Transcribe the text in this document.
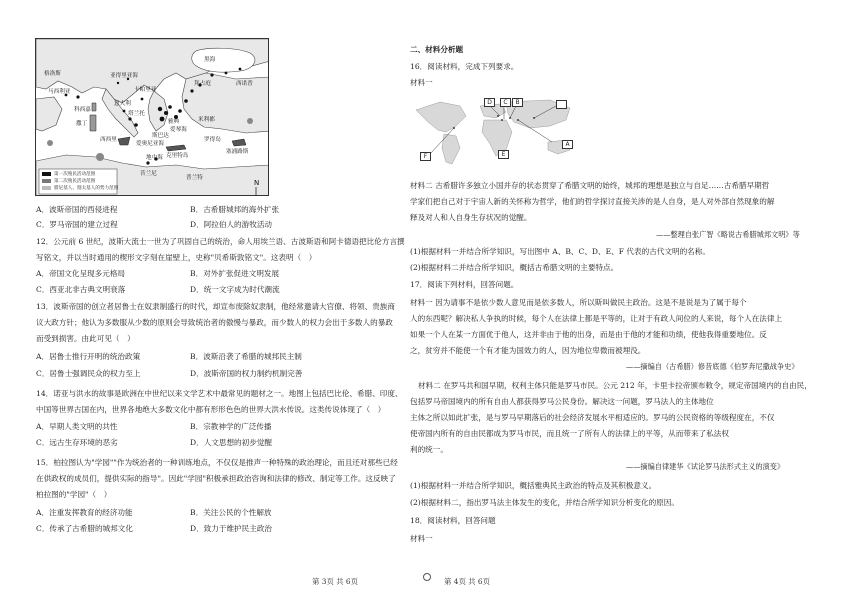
N
黑海
亚得里亚海
爱琴海
爱奥尼亚海
地中海
西西里
撒丁
科西嘉
马西利亚
意大利
塔兰托
卡帕里亚
拜占庭
雅典
斯巴达
克里特岛
塞浦路斯
罗得岛
米利都
昔兰尼
普兰特
格洛斯
西诺普
第一次殖民活动范围
第二次殖民活动范围
腓尼基人、迦太基人的势力范围
A．波斯帝国的西侵进程	B．古希腊城邦的海外扩张
C．罗马帝国的建立过程	D．阿拉伯人的游牧活动
12．公元前 6 世纪，波斯大流士一世为了巩固自己的统治，命人用埃兰语、古波斯语和阿卡德语把比伦方言撰
写铭文，并以当时通用的楔形文字刻在崖壁上，史称"贝希斯敦铭文"。这表明（　）
A．帝国文化呈现多元格局	B．对外扩张促进文明发展
C．西亚北非古典文明衰落	D．统一文字成为时代潮流
13．波斯帝国的创立者居鲁士在奴隶制盛行的时代，却宣布废除奴隶制，他经常邀请大官僚、将领、贵族商
议大政方针；他认为多数服从少数的原则会导致统治者的傲慢与暴政，而少数人的权力会出于多数人的暴政
而受到损害。由此可见（　）
A．居鲁士推行开明的统治政策	B．波斯沿袭了希腊的城邦民主制
C．居鲁士强调民众的权力至上	D．波斯帝国的权力制约机制完善
14．诺亚与洪水的故事是欧洲在中世纪以来文学艺术中最常见的题材之一。地图上包括巴比伦、希腊、印度、
中国等世界古国在内，世界各地绝大多数文化中都有形形色色的世界大洪水传说。这类传说体现了（　）
A．早期人类文明的共性	B．宗教神学的广泛传播
C．远古生存环境的恶劣	D．人文思想的初步觉醒
15．柏拉图认为"学园""作为统治者的一种训练地点，不仅仅是推声一种特殊的政治理论，而且还对那些已经
在供政权的成员们，提供实际的指导"。因此"学园"积极承担政治咨询和法律的修改、制定等工作。这反映了
柏拉图的"学园"（　）
A．注重发挥教育的经济功能	B．关注公民的个性解放
C．传承了古希腊的城邦文化	D．致力于维护民主政治
第 3页 共 6页
二、材料分析题
16．阅读材料，完成下列要求。
材料一
D	C	B
A
E
F
材料二 古希腊许多独立小国并存的状态贯穿了希腊文明的始终，城邦的理想是独立与自足……古希腊早期哲
学家们把自己对于宇宙人新的关怀称为哲学，他们的哲学探讨直接关涉的是人自身，是人对外部自然现象的解
释及对人和人自身生存状况的觉醒。
——整理自张广智《略说古希腊城邦文明》等
(1)根据材料一并结合所学知识，写出图中 A、B、C、D、E、F 代表的古代文明的名称。
(2)根据材料二并结合所学知识，概括古希腊文明的主要特点。
17．阅读下列材料，回答问题。
材料一 因为请事不是依少数人意见而是依多数人，所以斯叫做民主政治。这是不是说是为了属于每个
人的东西呢？解决私人争执的时候，每个人在法律上都是平等的，让对于有政人间位的人来说，每个人在法律上
如果一个人在某一方面优于他人，这并非由于他的出身，而是由于他的才能和功绩，使他我得重要地位。反
之，贫穷并不能使一个有才能为国效力的人，因为地位卑微而被埋没。
——摘编自（古希腊）修昔底德《伯罗奔尼撒战争史》
材料二 在罗马共和国早期，权利主体只能是罗马市民。公元 212 年，卡里卡拉帝颁布敕令，规定帝国境内的自由民，
包括罗马帝国境内的所有自由人都获得罗马公民身份。解决这一问题，罗马法人的主体地位
主体之所以如此扩张，是与罗马早期落后的社会经济发展水平相适应的。罗马的公民资格的等级程度在，不仅
使帝国内所有的自由民都成为罗马市民，而且统一了所有人的法律上的平等，从而带来了私法权
利的统一。
——摘编自律建华《试论罗马法形式主义的演变》
(1)根据材料一并结合所学知识，概括雅典民主政治的特点及其积极意义。
(2)根据材料二，指出罗马法主体发生的变化，并结合所学知识分析变化的原因。
18．阅读材料，回答问题
材料一
第 4页 共 6页
